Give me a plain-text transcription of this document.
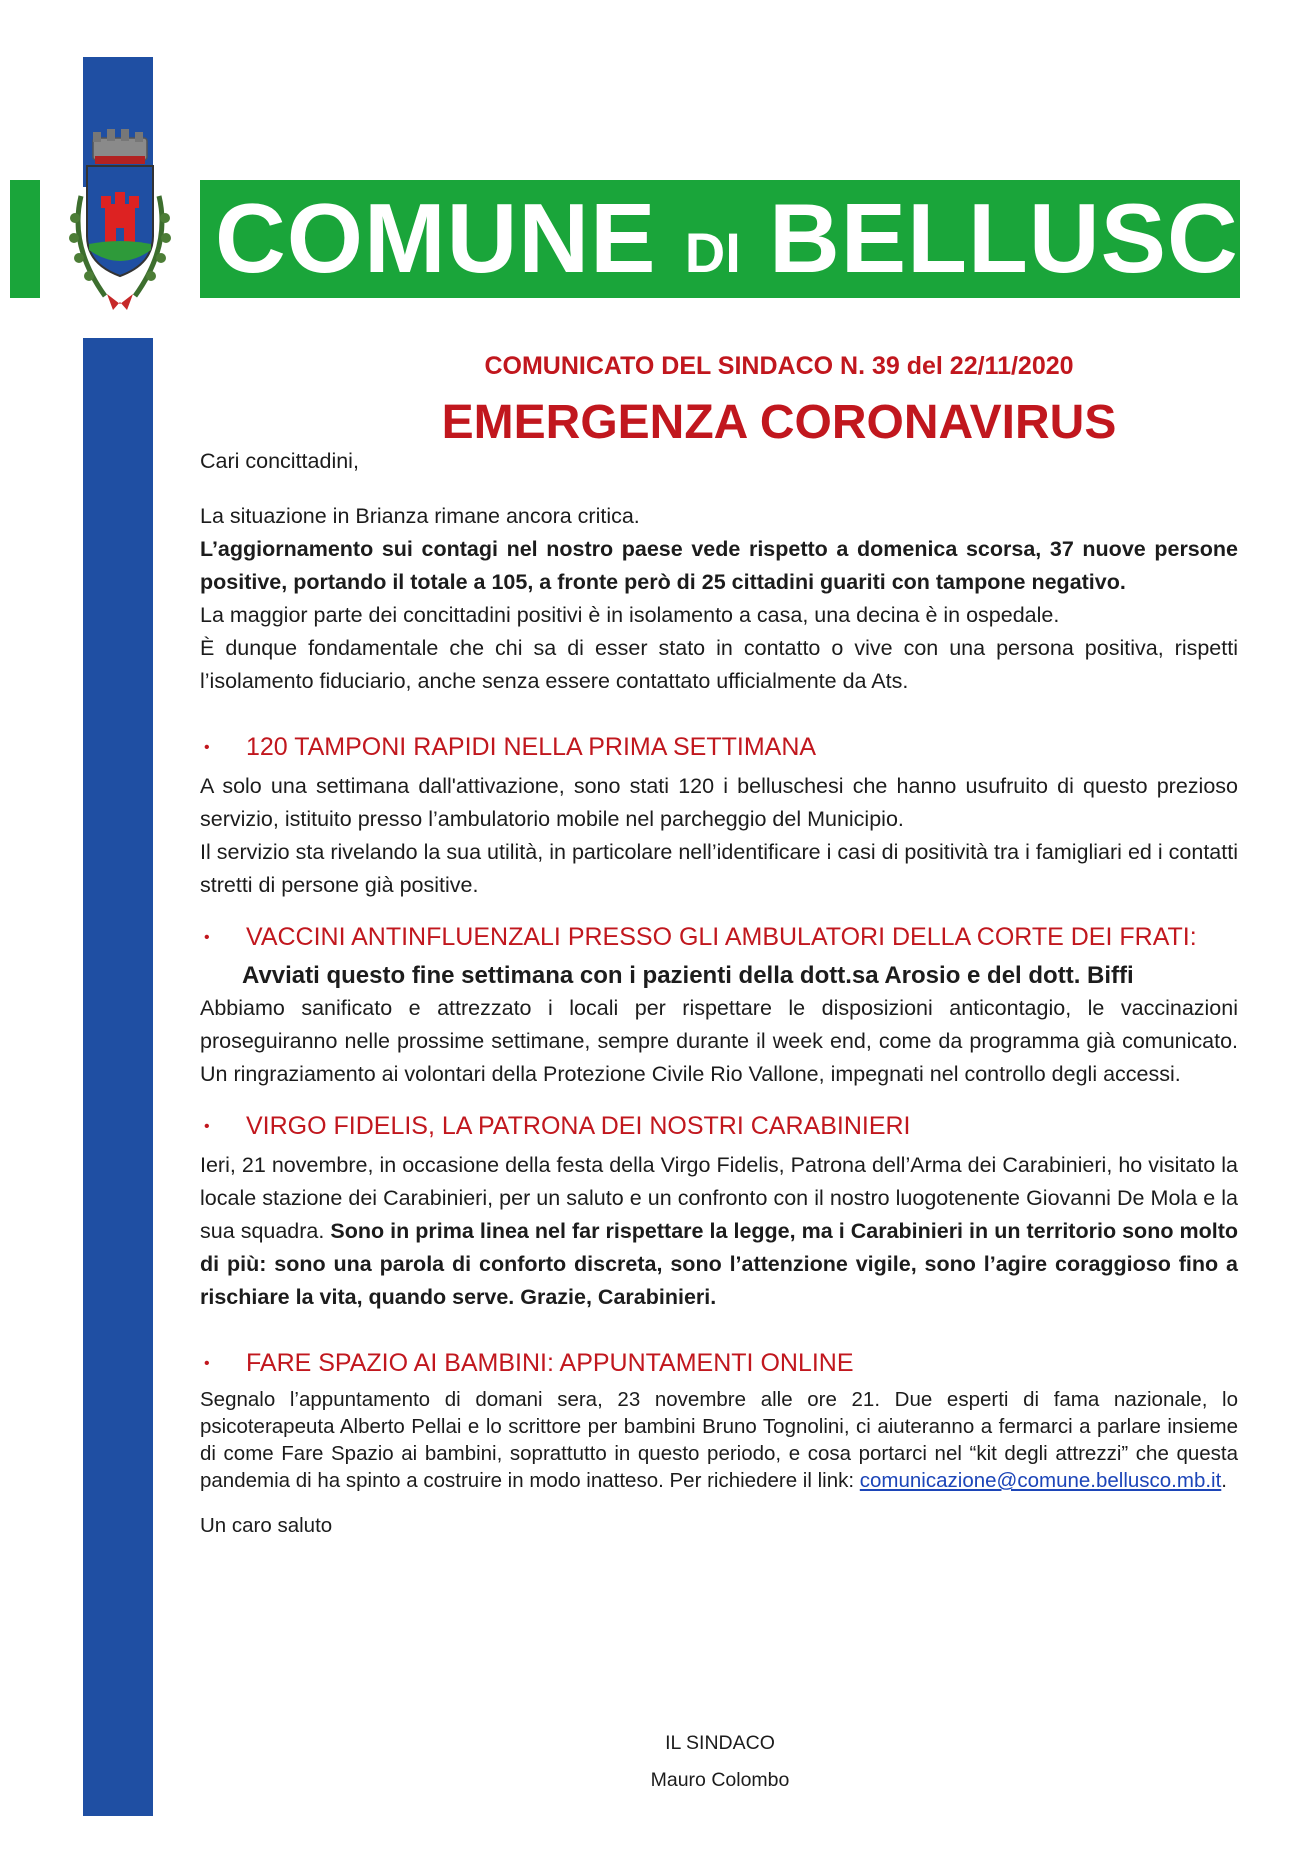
COMUNE DI BELLUSCO

COMUNICATO DEL SINDACO N. 39 del 22/11/2020

EMERGENZA CORONAVIRUS

Cari concittadini,

La situazione in Brianza rimane ancora critica.

L’aggiornamento sui contagi nel nostro paese vede rispetto a domenica scorsa, 37 nuove persone positive, portando il totale a 105, a fronte però di 25 cittadini guariti con tampone negativo.

La maggior parte dei concittadini positivi è in isolamento a casa, una decina è in ospedale.

È dunque fondamentale che chi sa di esser stato in contatto o vive con una persona positiva, rispetti l’isolamento fiduciario, anche senza essere contattato ufficialmente da Ats.

•	120 TAMPONI RAPIDI NELLA PRIMA SETTIMANA

A solo una settimana dall'attivazione, sono stati 120 i belluschesi che hanno usufruito di questo prezioso servizio, istituito presso l’ambulatorio mobile nel parcheggio del Municipio.

Il servizio sta rivelando la sua utilità, in particolare nell’identificare i casi di positività tra i famigliari ed i contatti stretti di persone già positive.

•	VACCINI ANTINFLUENZALI PRESSO GLI AMBULATORI DELLA CORTE DEI FRATI:

Avviati questo fine settimana con i pazienti della dott.sa Arosio e del dott. Biffi

Abbiamo sanificato e attrezzato i locali per rispettare le disposizioni anticontagio, le vaccinazioni proseguiranno nelle prossime settimane, sempre durante il week end, come da programma già comunicato. Un ringraziamento ai volontari della Protezione Civile Rio Vallone, impegnati nel controllo degli accessi.

•	VIRGO FIDELIS, LA PATRONA DEI NOSTRI CARABINIERI

Ieri, 21 novembre, in occasione della festa della Virgo Fidelis, Patrona dell’Arma dei Carabinieri, ho visitato la locale stazione dei Carabinieri, per un saluto e un confronto con il nostro luogotenente Giovanni De Mola e la sua squadra. Sono in prima linea nel far rispettare la legge, ma i Carabinieri in un territorio sono molto di più: sono una parola di conforto discreta, sono l’attenzione vigile, sono l’agire coraggioso fino a rischiare la vita, quando serve. Grazie, Carabinieri.

•	FARE SPAZIO AI BAMBINI: APPUNTAMENTI ONLINE

Segnalo l’appuntamento di domani sera, 23 novembre alle ore 21. Due esperti di fama nazionale, lo psicoterapeuta Alberto Pellai e lo scrittore per bambini Bruno Tognolini, ci aiuteranno a fermarci a parlare insieme di come Fare Spazio ai bambini, soprattutto in questo periodo, e cosa portarci nel “kit degli attrezzi” che questa pandemia di ha spinto a costruire in modo inatteso. Per richiedere il link: comunicazione@comune.bellusco.mb.it.

Un caro saluto

IL SINDACO
Mauro Colombo
